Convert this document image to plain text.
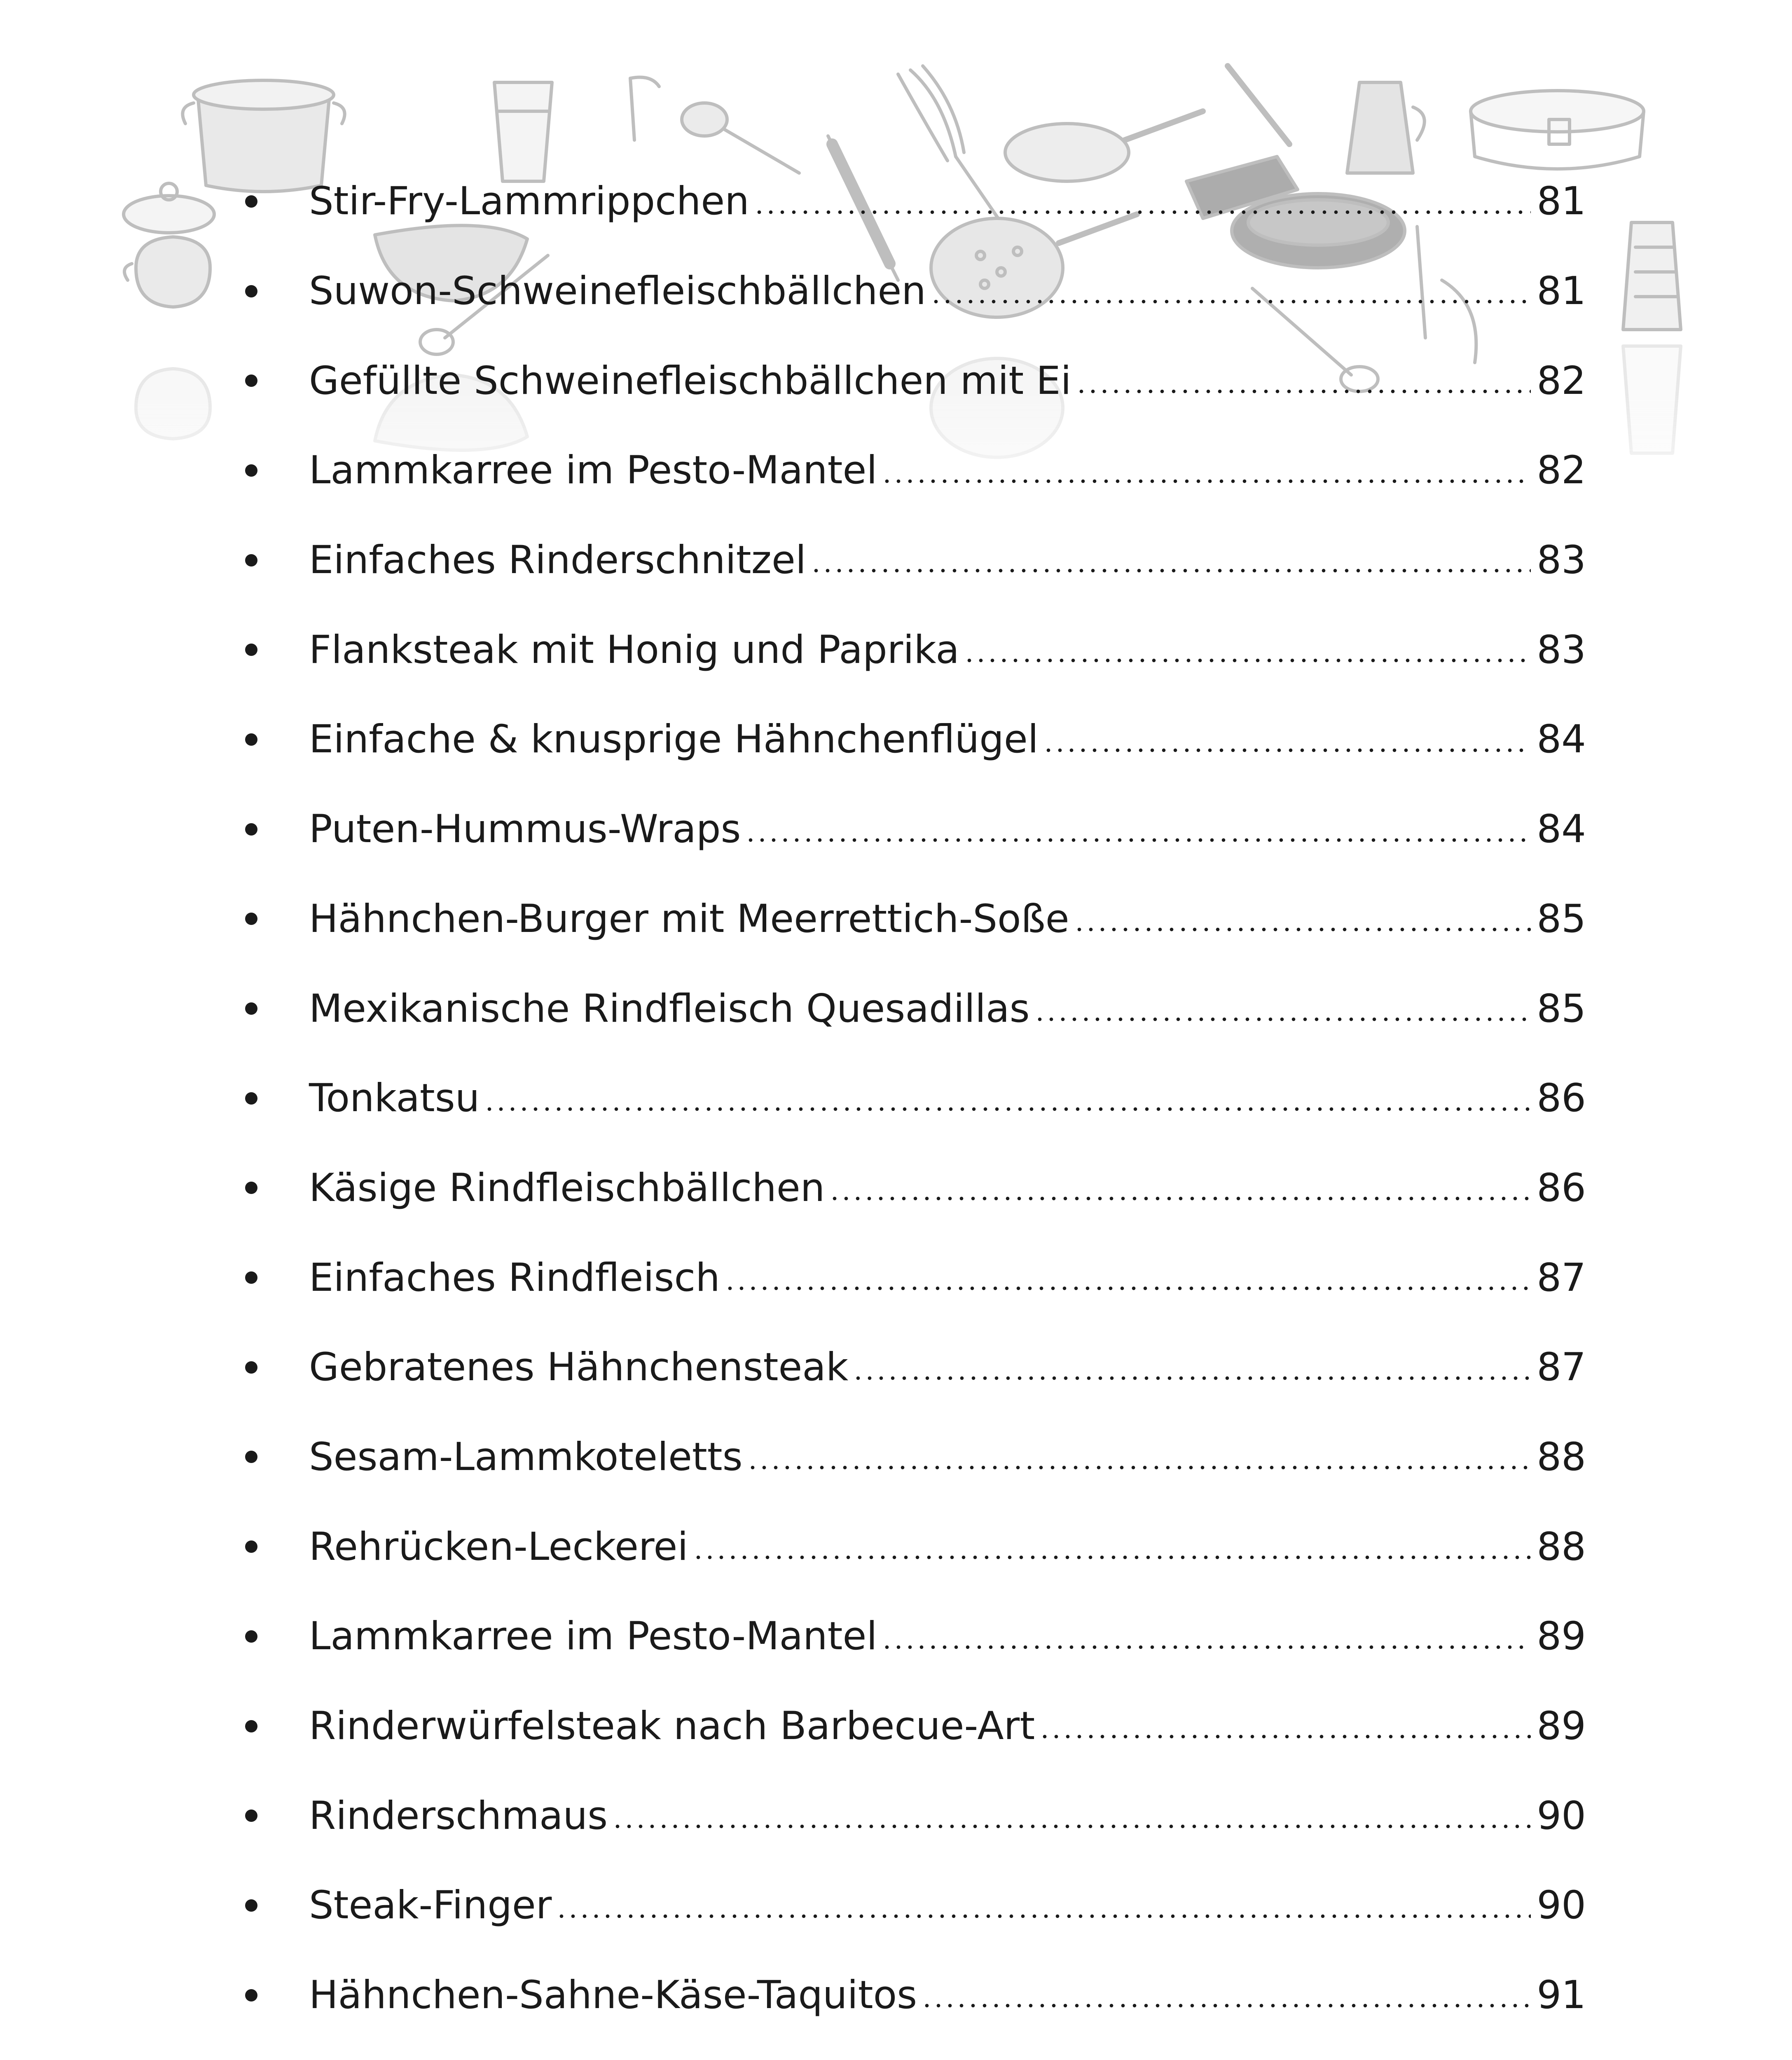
Stir-Fry-Lammrippchen	81
Suwon-Schweinefleischbällchen	81
Gefüllte Schweinefleischbällchen mit Ei	82
Lammkarree im Pesto-Mantel	82
Einfaches Rinderschnitzel	83
Flanksteak mit Honig und Paprika	83
Einfache & knusprige Hähnchenflügel	84
Puten-Hummus-Wraps	84
Hähnchen-Burger mit Meerrettich-Soße	85
Mexikanische Rindfleisch Quesadillas	85
Tonkatsu	86
Käsige Rindfleischbällchen	86
Einfaches Rindfleisch	87
Gebratenes Hähnchensteak	87
Sesam-Lammkoteletts	88
Rehrücken-Leckerei	88
Lammkarree im Pesto-Mantel	89
Rinderwürfelsteak nach Barbecue-Art	89
Rinderschmaus	90
Steak-Finger	90
Hähnchen-Sahne-Käse-Taquitos	91
